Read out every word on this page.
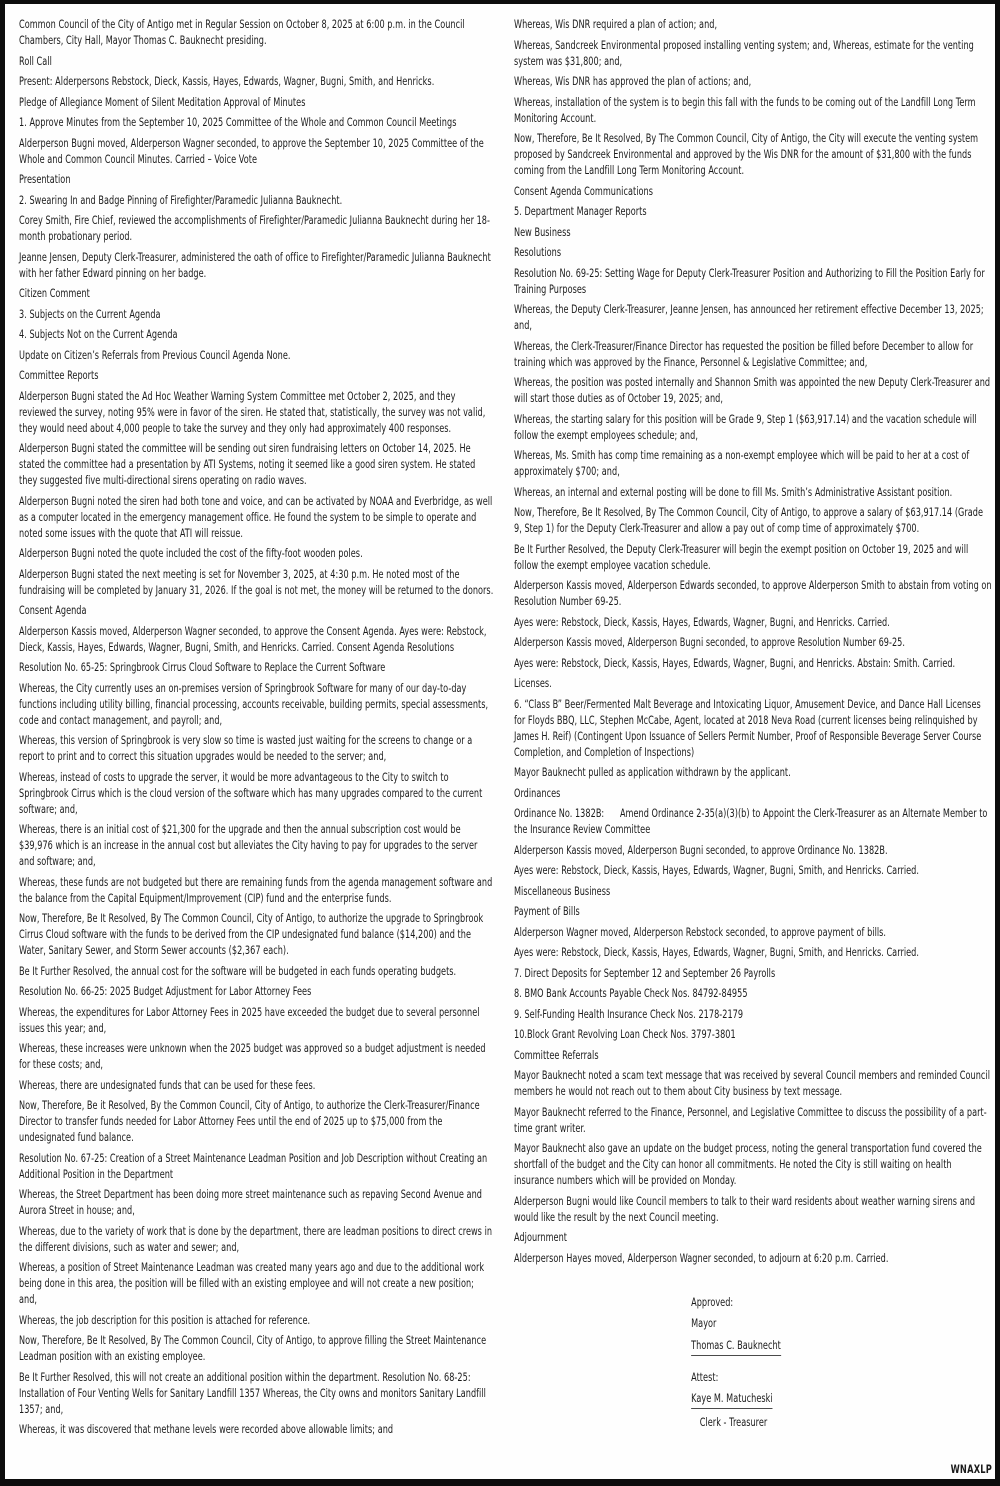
Common Council of the City of Antigo met in Regular Session on October 8, 2025 at 6:00 p.m. in the Council Chambers, City Hall, Mayor Thomas C. Bauknecht presiding.

Roll Call

Present: Alderpersons Rebstock, Dieck, Kassis, Hayes, Edwards, Wagner, Bugni, Smith, and Henricks.

Pledge of Allegiance Moment of Silent Meditation Approval of Minutes

1. Approve Minutes from the September 10, 2025 Committee of the Whole and Common Council Meetings

Alderperson Bugni moved, Alderperson Wagner seconded, to approve the September 10, 2025 Committee of the Whole and Common Council Minutes. Carried – Voice Vote

Presentation

2. Swearing In and Badge Pinning of Firefighter/Paramedic Julianna Bauknecht.

Corey Smith, Fire Chief, reviewed the accomplishments of Firefighter/Paramedic Julianna Bauknecht during her 18-month probationary period.

Jeanne Jensen, Deputy Clerk-Treasurer, administered the oath of office to Firefighter/Paramedic Julianna Bauknecht with her father Edward pinning on her badge.

Citizen Comment

3. Subjects on the Current Agenda

4. Subjects Not on the Current Agenda

Update on Citizen’s Referrals from Previous Council Agenda None.

Committee Reports

Alderperson Bugni stated the Ad Hoc Weather Warning System Committee met October 2, 2025, and they reviewed the survey, noting 95% were in favor of the siren. He stated that, statistically, the survey was not valid, they would need about 4,000 people to take the survey and they only had approximately 400 responses.

Alderperson Bugni stated the committee will be sending out siren fundraising letters on October 14, 2025. He stated the committee had a presentation by ATI Systems, noting it seemed like a good siren system. He stated they suggested five multi-directional sirens operating on radio waves.

Alderperson Bugni noted the siren had both tone and voice, and can be activated by NOAA and Everbridge, as well as a computer located in the emergency management office. He found the system to be simple to operate and noted some issues with the quote that ATI will reissue.

Alderperson Bugni noted the quote included the cost of the fifty-foot wooden poles.

Alderperson Bugni stated the next meeting is set for November 3, 2025, at 4:30 p.m. He noted most of the fundraising will be completed by January 31, 2026. If the goal is not met, the money will be returned to the donors.

Consent Agenda

Alderperson Kassis moved, Alderperson Wagner seconded, to approve the Consent Agenda. Ayes were: Rebstock, Dieck, Kassis, Hayes, Edwards, Wagner, Bugni, Smith, and Henricks. Carried. Consent Agenda Resolutions

Resolution No. 65-25: Springbrook Cirrus Cloud Software to Replace the Current Software

Whereas, the City currently uses an on-premises version of Springbrook Software for many of our day-to-day functions including utility billing, financial processing, accounts receivable, building permits, special assessments, code and contact management, and payroll; and,

Whereas, this version of Springbrook is very slow so time is wasted just waiting for the screens to change or a report to print and to correct this situation upgrades would be needed to the server; and,

Whereas, instead of costs to upgrade the server, it would be more advantageous to the City to switch to Springbrook Cirrus which is the cloud version of the software which has many upgrades compared to the current software; and,

Whereas, there is an initial cost of $21,300 for the upgrade and then the annual subscription cost would be $39,976 which is an increase in the annual cost but alleviates the City having to pay for upgrades to the server and software; and,

Whereas, these funds are not budgeted but there are remaining funds from the agenda management software and the balance from the Capital Equipment/Improvement (CIP) fund and the enterprise funds.

Now, Therefore, Be It Resolved, By The Common Council, City of Antigo, to authorize the upgrade to Springbrook Cirrus Cloud software with the funds to be derived from the CIP undesignated fund balance ($14,200) and the Water, Sanitary Sewer, and Storm Sewer accounts ($2,367 each).

Be It Further Resolved, the annual cost for the software will be budgeted in each funds operating budgets.

Resolution No. 66-25: 2025 Budget Adjustment for Labor Attorney Fees

Whereas, the expenditures for Labor Attorney Fees in 2025 have exceeded the budget due to several personnel issues this year; and,

Whereas, these increases were unknown when the 2025 budget was approved so a budget adjustment is needed for these costs; and,

Whereas, there are undesignated funds that can be used for these fees.

Now, Therefore, Be it Resolved, By the Common Council, City of Antigo, to authorize the Clerk-Treasurer/Finance Director to transfer funds needed for Labor Attorney Fees until the end of 2025 up to $75,000 from the undesignated fund balance.

Resolution No. 67-25: Creation of a Street Maintenance Leadman Position and Job Description without Creating an Additional Position in the Department

Whereas, the Street Department has been doing more street maintenance such as repaving Second Avenue and Aurora Street in house; and,

Whereas, due to the variety of work that is done by the department, there are leadman positions to direct crews in the different divisions, such as water and sewer; and,

Whereas, a position of Street Maintenance Leadman was created many years ago and due to the additional work being done in this area, the position will be filled with an existing employee and will not create a new position; and,

Whereas, the job description for this position is attached for reference.

Now, Therefore, Be It Resolved, By The Common Council, City of Antigo, to approve filling the Street Maintenance Leadman position with an existing employee.

Be It Further Resolved, this will not create an additional position within the department. Resolution No. 68-25: Installation of Four Venting Wells for Sanitary Landfill 1357 Whereas, the City owns and monitors Sanitary Landfill 1357; and,

Whereas, it was discovered that methane levels were recorded above allowable limits; and

Whereas, Wis DNR required a plan of action; and,

Whereas, Sandcreek Environmental proposed installing venting system; and, Whereas, estimate for the venting system was $31,800; and,

Whereas, Wis DNR has approved the plan of actions; and,

Whereas, installation of the system is to begin this fall with the funds to be coming out of the Landfill Long Term Monitoring Account.

Now, Therefore, Be It Resolved, By The Common Council, City of Antigo, the City will execute the venting system proposed by Sandcreek Environmental and approved by the Wis DNR for the amount of $31,800 with the funds coming from the Landfill Long Term Monitoring Account.

Consent Agenda Communications

5. Department Manager Reports

New Business

Resolutions

Resolution No. 69-25: Setting Wage for Deputy Clerk-Treasurer Position and Authorizing to Fill the Position Early for Training Purposes

Whereas, the Deputy Clerk-Treasurer, Jeanne Jensen, has announced her retirement effective December 13, 2025; and,

Whereas, the Clerk-Treasurer/Finance Director has requested the position be filled before December to allow for training which was approved by the Finance, Personnel & Legislative Committee; and,

Whereas, the position was posted internally and Shannon Smith was appointed the new Deputy Clerk-Treasurer and will start those duties as of October 19, 2025; and,

Whereas, the starting salary for this position will be Grade 9, Step 1 ($63,917.14) and the vacation schedule will follow the exempt employees schedule; and,

Whereas, Ms. Smith has comp time remaining as a non-exempt employee which will be paid to her at a cost of approximately $700; and,

Whereas, an internal and external posting will be done to fill Ms. Smith’s Administrative Assistant position.

Now, Therefore, Be It Resolved, By The Common Council, City of Antigo, to approve a salary of $63,917.14 (Grade 9, Step 1) for the Deputy Clerk-Treasurer and allow a pay out of comp time of approximately $700.

Be It Further Resolved, the Deputy Clerk-Treasurer will begin the exempt position on October 19, 2025 and will follow the exempt employee vacation schedule.

Alderperson Kassis moved, Alderperson Edwards seconded, to approve Alderperson Smith to abstain from voting on Resolution Number 69-25.

Ayes were: Rebstock, Dieck, Kassis, Hayes, Edwards, Wagner, Bugni, and Henricks. Carried.

Alderperson Kassis moved, Alderperson Bugni seconded, to approve Resolution Number 69-25.

Ayes were: Rebstock, Dieck, Kassis, Hayes, Edwards, Wagner, Bugni, and Henricks. Abstain: Smith. Carried.

Licenses.

6. “Class B” Beer/Fermented Malt Beverage and Intoxicating Liquor, Amusement Device, and Dance Hall Licenses for Floyds BBQ, LLC, Stephen McCabe, Agent, located at 2018 Neva Road (current licenses being relinquished by James H. Reif) (Contingent Upon Issuance of Sellers Permit Number, Proof of Responsible Beverage Server Course Completion, and Completion of Inspections)

Mayor Bauknecht pulled as application withdrawn by the applicant.

Ordinances

Ordinance No. 1382B:      Amend Ordinance 2-35(a)(3)(b) to Appoint the Clerk-Treasurer as an Alternate Member to the Insurance Review Committee

Alderperson Kassis moved, Alderperson Bugni seconded, to approve Ordinance No. 1382B.

Ayes were: Rebstock, Dieck, Kassis, Hayes, Edwards, Wagner, Bugni, Smith, and Henricks. Carried.

Miscellaneous Business

Payment of Bills

Alderperson Wagner moved, Alderperson Rebstock seconded, to approve payment of bills.

Ayes were: Rebstock, Dieck, Kassis, Hayes, Edwards, Wagner, Bugni, Smith, and Henricks. Carried.

7. Direct Deposits for September 12 and September 26 Payrolls

8. BMO Bank Accounts Payable Check Nos. 84792-84955

9. Self-Funding Health Insurance Check Nos. 2178-2179

10.Block Grant Revolving Loan Check Nos. 3797-3801

Committee Referrals

Mayor Bauknecht noted a scam text message that was received by several Council members and reminded Council members he would not reach out to them about City business by text message.

Mayor Bauknecht referred to the Finance, Personnel, and Legislative Committee to discuss the possibility of a part-time grant writer.

Mayor Bauknecht also gave an update on the budget process, noting the general transportation fund covered the shortfall of the budget and the City can honor all commitments. He noted the City is still waiting on health insurance numbers which will be provided on Monday.

Alderperson Bugni would like Council members to talk to their ward residents about weather warning sirens and would like the result by the next Council meeting.

Adjournment

Alderperson Hayes moved, Alderperson Wagner seconded, to adjourn at 6:20 p.m. Carried.

Approved:

Mayor

Thomas C. Bauknecht

Attest:

Kaye M. Matucheski

Clerk - Treasurer

WNAXLP
